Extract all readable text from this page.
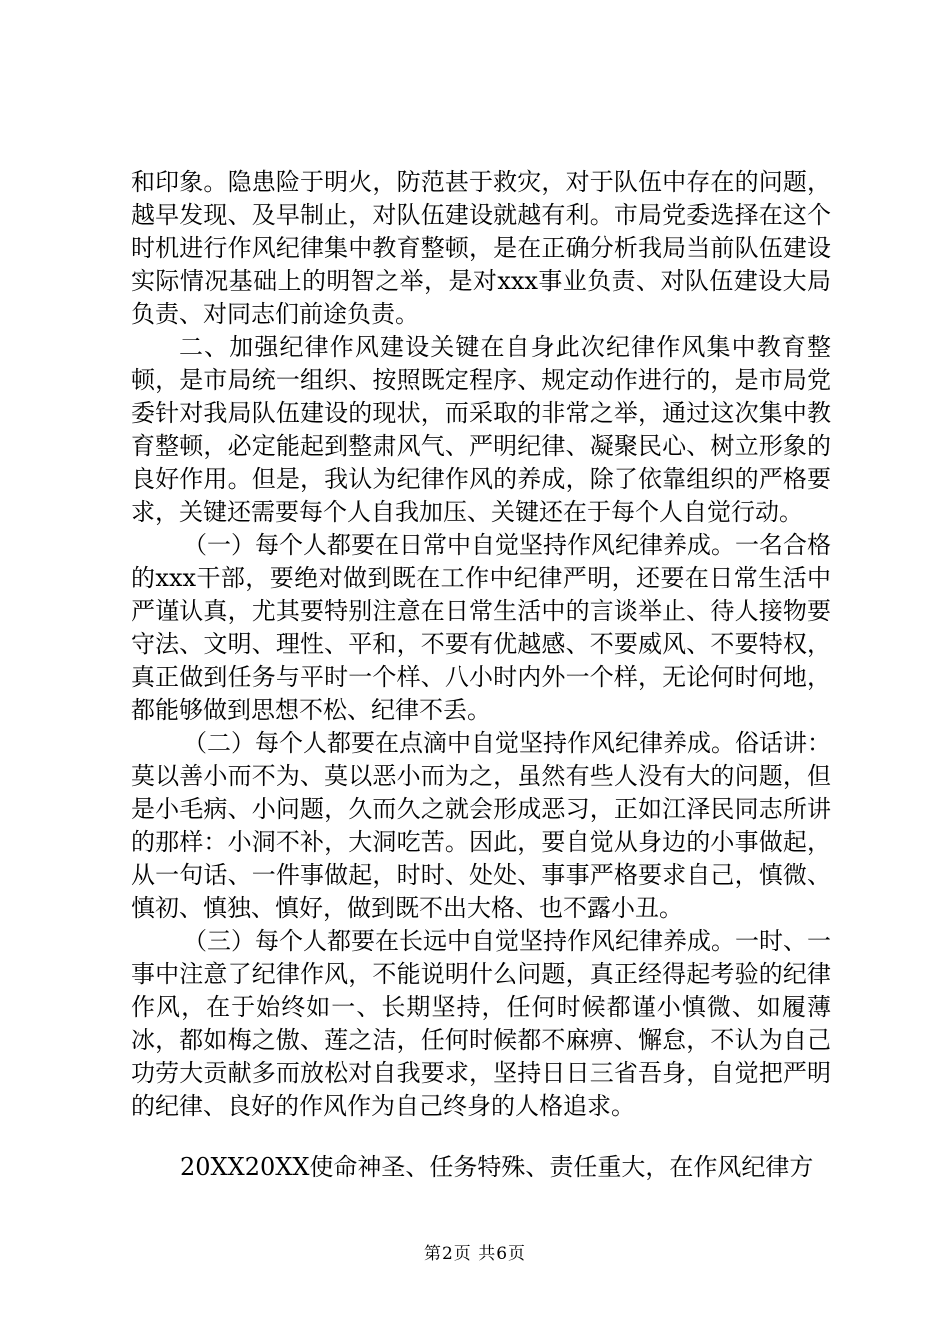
和印象。隐患险于明火，防范甚于救灾，对于队伍中存在的问题，越早发现、及早制止，对队伍建设就越有利。市局党委选择在这个时机进行作风纪律集中教育整顿，是在正确分析我局当前队伍建设实际情况基础上的明智之举，是对xxx事业负责、对队伍建设大局负责、对同志们前途负责。

二、加强纪律作风建设关键在自身此次纪律作风集中教育整顿，是市局统一组织、按照既定程序、规定动作进行的，是市局党委针对我局队伍建设的现状，而采取的非常之举，通过这次集中教育整顿，必定能起到整肃风气、严明纪律、凝聚民心、树立形象的良好作用。但是，我认为纪律作风的养成，除了依靠组织的严格要求，关键还需要每个人自我加压、关键还在于每个人自觉行动。

（一）每个人都要在日常中自觉坚持作风纪律养成。一名合格的xxx干部，要绝对做到既在工作中纪律严明，还要在日常生活中严谨认真，尤其要特别注意在日常生活中的言谈举止、待人接物要守法、文明、理性、平和，不要有优越感、不要威风、不要特权，真正做到任务与平时一个样、八小时内外一个样，无论何时何地，都能够做到思想不松、纪律不丢。

（二）每个人都要在点滴中自觉坚持作风纪律养成。俗话讲：莫以善小而不为、莫以恶小而为之，虽然有些人没有大的问题，但是小毛病、小问题，久而久之就会形成恶习，正如江泽民同志所讲的那样：小洞不补，大洞吃苦。因此，要自觉从身边的小事做起，从一句话、一件事做起，时时、处处、事事严格要求自己，慎微、慎初、慎独、慎好，做到既不出大格、也不露小丑。

（三）每个人都要在长远中自觉坚持作风纪律养成。一时、一事中注意了纪律作风，不能说明什么问题，真正经得起考验的纪律作风，在于始终如一、长期坚持，任何时候都谨小慎微、如履薄冰，都如梅之傲、莲之洁，任何时候都不麻痹、懈怠，不认为自己功劳大贡献多而放松对自我要求，坚持日日三省吾身，自觉把严明的纪律、良好的作风作为自己终身的人格追求。

20XX20XX使命神圣、任务特殊、责任重大，在作风纪律方
第2页 共6页
